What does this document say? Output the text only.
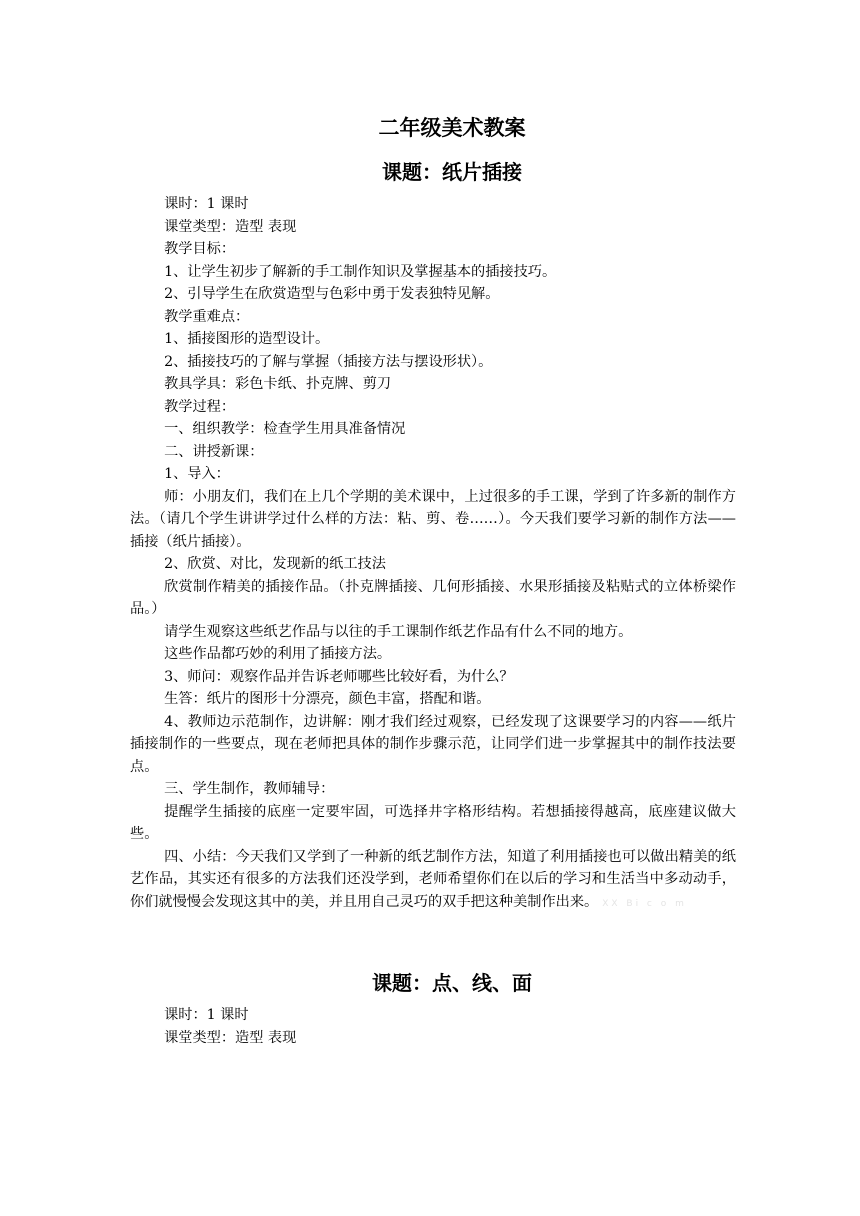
二年级美术教案
课题：纸片插接

课时：1 课时

课堂类型：造型 表现

教学目标：

1、让学生初步了解新的手工制作知识及掌握基本的插接技巧。

2、引导学生在欣赏造型与色彩中勇于发表独特见解。

教学重难点：

1、插接图形的造型设计。

2、插接技巧的了解与掌握（插接方法与摆设形状）。

教具学具：彩色卡纸、扑克牌、剪刀

教学过程：

一、组织教学：检查学生用具准备情况

二、讲授新课：

1、导入：

师：小朋友们，我们在上几个学期的美术课中，上过很多的手工课，学到了许多新的制作方法。（请几个学生讲讲学过什么样的方法：粘、剪、卷……）。今天我们要学习新的制作方法——插接（纸片插接）。

2、欣赏、对比，发现新的纸工技法

欣赏制作精美的插接作品。（扑克牌插接、几何形插接、水果形插接及粘贴式的立体桥梁作品。）

请学生观察这些纸艺作品与以往的手工课制作纸艺作品有什么不同的地方。

这些作品都巧妙的利用了插接方法。

3、师问：观察作品并告诉老师哪些比较好看，为什么？

生答：纸片的图形十分漂亮，颜色丰富，搭配和谐。

4、教师边示范制作，边讲解：刚才我们经过观察，已经发现了这课要学习的内容——纸片插接制作的一些要点，现在老师把具体的制作步骤示范，让同学们进一步掌握其中的制作技法要点。

三、学生制作，教师辅导：

提醒学生插接的底座一定要牢固，可选择井字格形结构。若想插接得越高，底座建议做大些。

四、小结：今天我们又学到了一种新的纸艺制作方法，知道了利用插接也可以做出精美的纸艺作品，其实还有很多的方法我们还没学到，老师希望你们在以后的学习和生活当中多动动手，你们就慢慢会发现这其中的美，并且用自己灵巧的双手把这种美制作出来。 XX Bi c o m

课题：点、线、面

课时：1 课时

课堂类型：造型 表现
